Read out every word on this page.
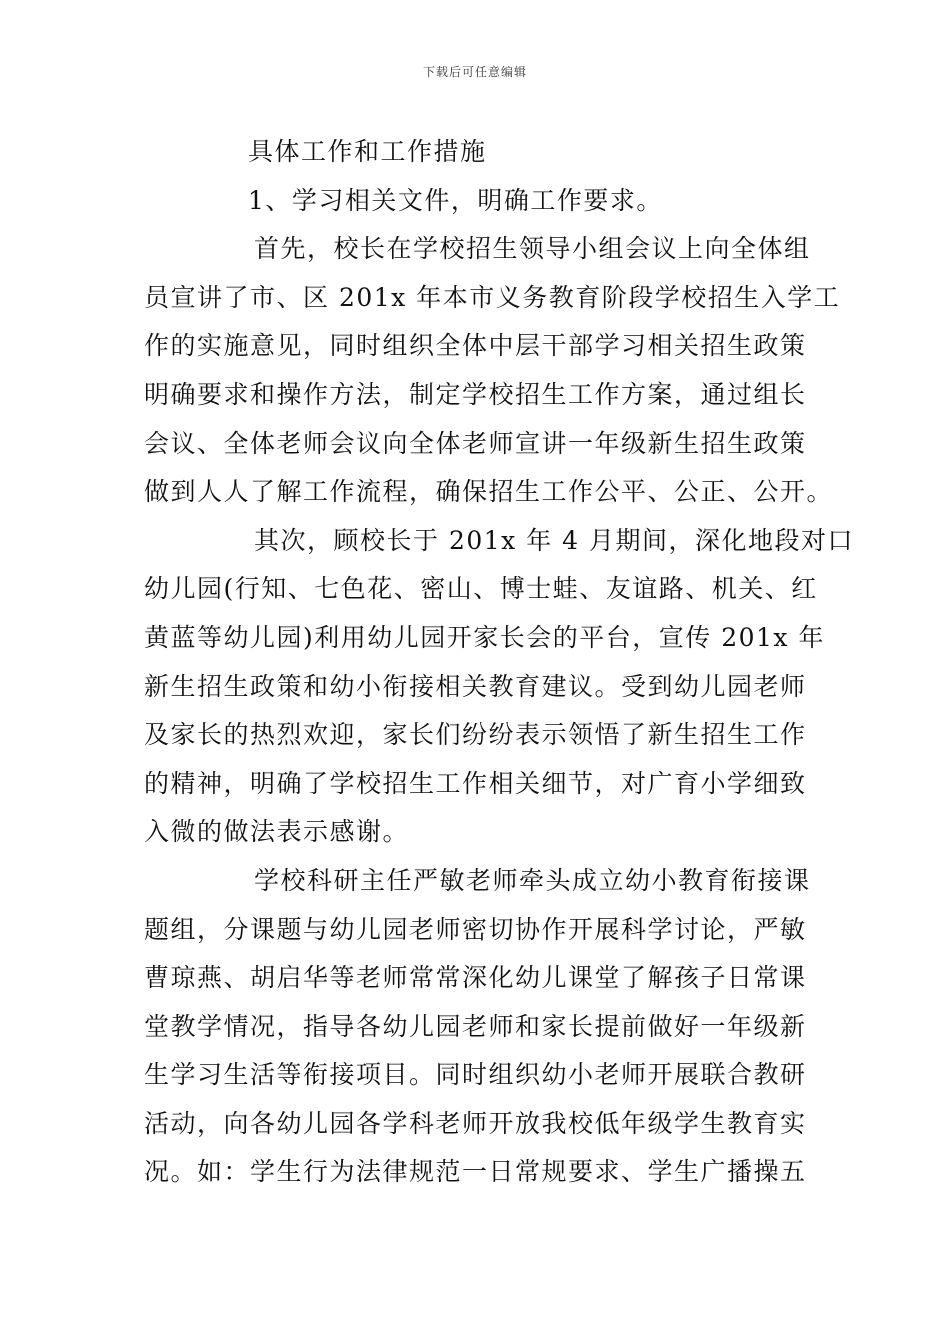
下载后可任意编辑
具体工作和工作措施
1、学习相关文件，明确工作要求。
首先，校长在学校招生领导小组会议上向全体组
员宣讲了市、区 201x 年本市义务教育阶段学校招生入学工
作的实施意见，同时组织全体中层干部学习相关招生政策
明确要求和操作方法，制定学校招生工作方案，通过组长
会议、全体老师会议向全体老师宣讲一年级新生招生政策
做到人人了解工作流程，确保招生工作公平、公正、公开。
其次，顾校长于 201x 年 4 月期间，深化地段对口
幼儿园(行知、七色花、密山、博士蛙、友谊路、机关、红
黄蓝等幼儿园)利用幼儿园开家长会的平台，宣传 201x 年
新生招生政策和幼小衔接相关教育建议。受到幼儿园老师
及家长的热烈欢迎，家长们纷纷表示领悟了新生招生工作
的精神，明确了学校招生工作相关细节，对广育小学细致
入微的做法表示感谢。
学校科研主任严敏老师牵头成立幼小教育衔接课
题组，分课题与幼儿园老师密切协作开展科学讨论，严敏
曹琼燕、胡启华等老师常常深化幼儿课堂了解孩子日常课
堂教学情况，指导各幼儿园老师和家长提前做好一年级新
生学习生活等衔接项目。同时组织幼小老师开展联合教研
活动，向各幼儿园各学科老师开放我校低年级学生教育实
况。如：学生行为法律规范一日常规要求、学生广播操五
